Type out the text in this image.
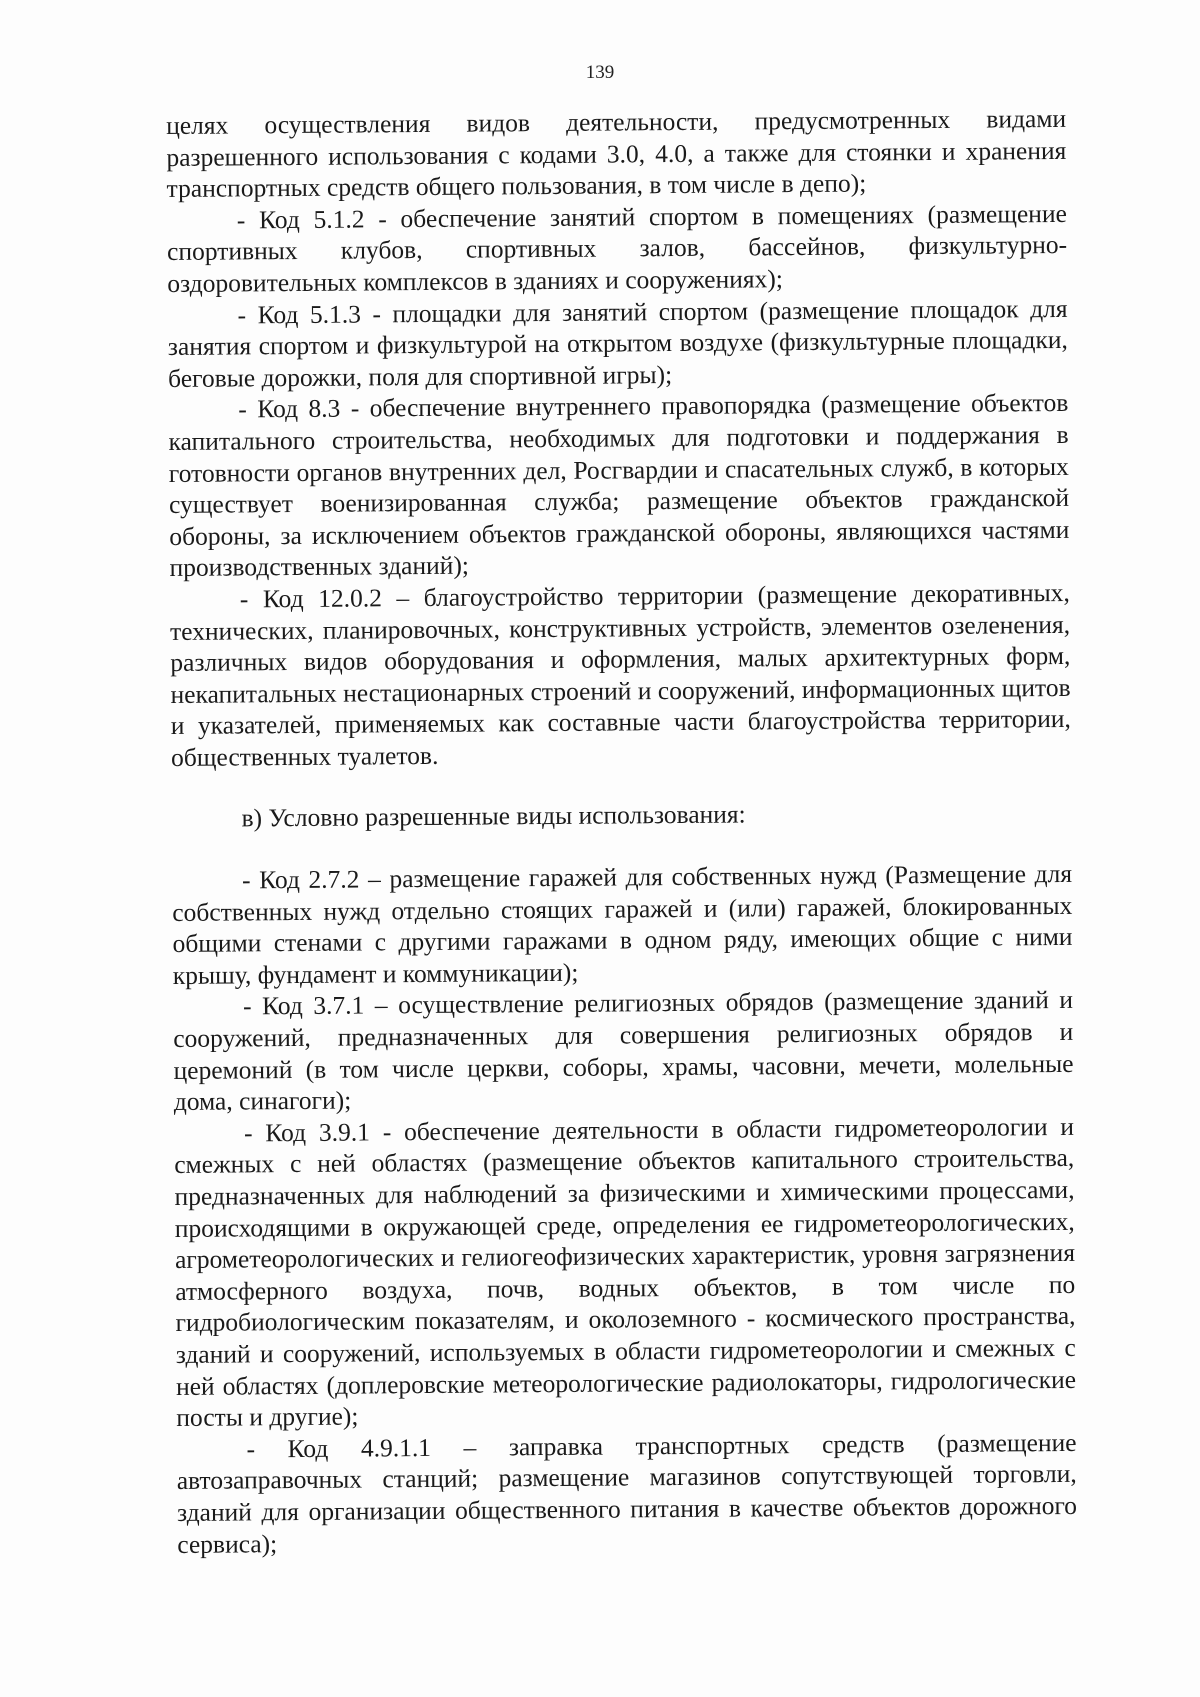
139

целях осуществления видов деятельности, предусмотренных видами разрешенного использования с кодами 3.0, 4.0, а также для стоянки и хранения транспортных средств общего пользования, в том числе в депо);

- Код 5.1.2 - обеспечение занятий спортом в помещениях (размещение спортивных клубов, спортивных залов, бассейнов, физкультурно-оздоровительных комплексов в зданиях и сооружениях);

- Код 5.1.3 - площадки для занятий спортом (размещение площадок для занятия спортом и физкультурой на открытом воздухе (физкультурные площадки, беговые дорожки, поля для спортивной игры);

- Код 8.3 - обеспечение внутреннего правопорядка (размещение объектов капитального строительства, необходимых для подготовки и поддержания в готовности органов внутренних дел, Росгвардии и спасательных служб, в которых существует военизированная служба; размещение объектов гражданской обороны, за исключением объектов гражданской обороны, являющихся частями производственных зданий);

- Код 12.0.2 – благоустройство территории (размещение декоративных, технических, планировочных, конструктивных устройств, элементов озеленения, различных видов оборудования и оформления, малых архитектурных форм, некапитальных нестационарных строений и сооружений, информационных щитов и указателей, применяемых как составные части благоустройства территории, общественных туалетов.

в) Условно разрешенные виды использования:

- Код 2.7.2 – размещение гаражей для собственных нужд (Размещение для собственных нужд отдельно стоящих гаражей и (или) гаражей, блокированных общими стенами с другими гаражами в одном ряду, имеющих общие с ними крышу, фундамент и коммуникации);

- Код 3.7.1 – осуществление религиозных обрядов (размещение зданий и сооружений, предназначенных для совершения религиозных обрядов и церемоний (в том числе церкви, соборы, храмы, часовни, мечети, молельные дома, синагоги);

- Код 3.9.1 - обеспечение деятельности в области гидрометеорологии и смежных с ней областях (размещение объектов капитального строительства, предназначенных для наблюдений за физическими и химическими процессами, происходящими в окружающей среде, определения ее гидрометеорологических, агрометеорологических и гелиогеофизических характеристик, уровня загрязнения атмосферного воздуха, почв, водных объектов, в том числе по гидробиологическим показателям, и околоземного - космического пространства, зданий и сооружений, используемых в области гидрометеорологии и смежных с ней областях (доплеровские метеорологические радиолокаторы, гидрологические посты и другие);

- Код 4.9.1.1 – заправка транспортных средств (размещение автозаправочных станций; размещение магазинов сопутствующей торговли, зданий для организации общественного питания в качестве объектов дорожного сервиса);
